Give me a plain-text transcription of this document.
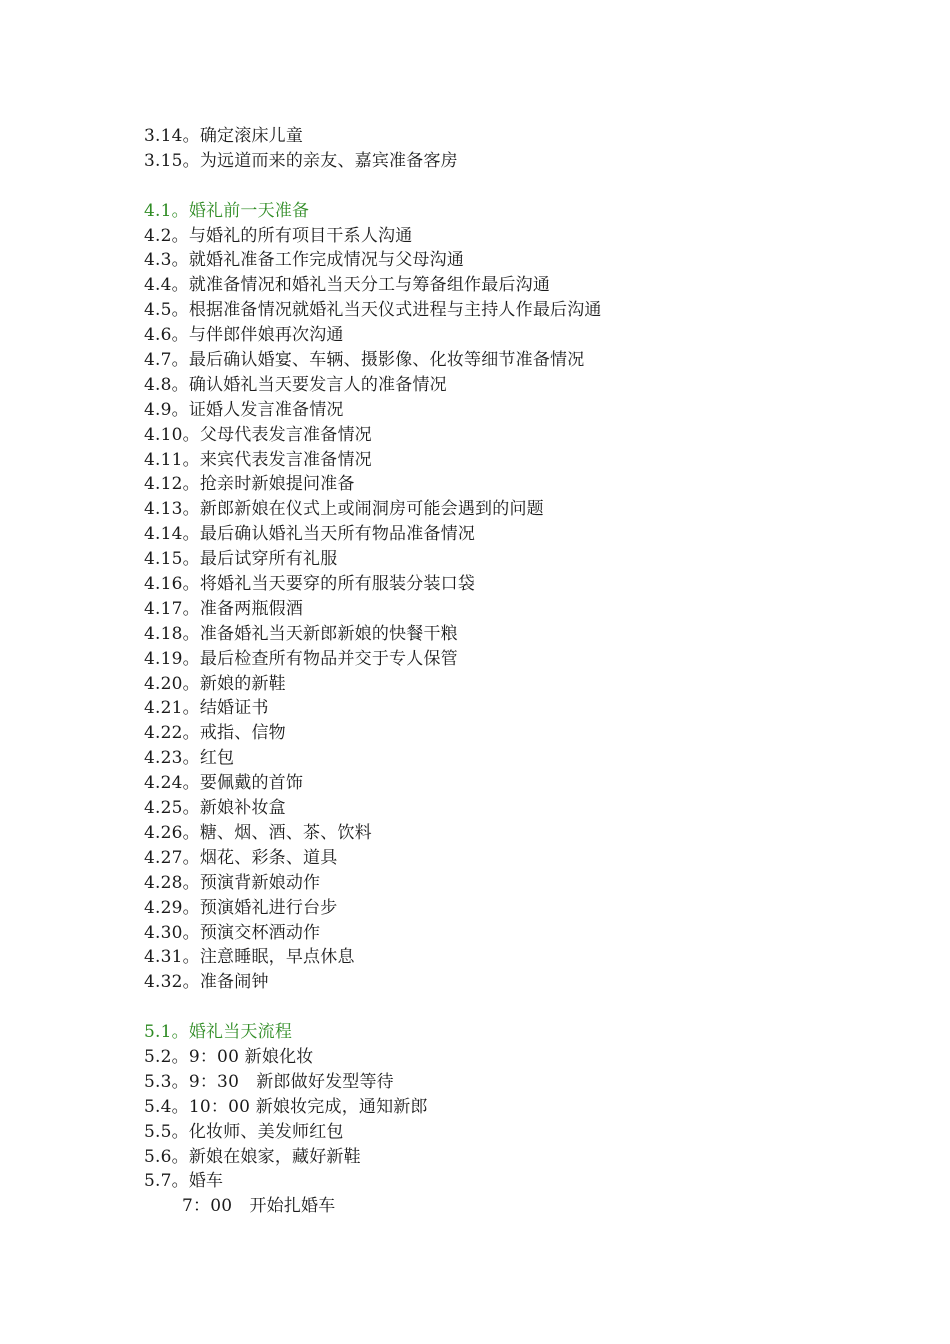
3.14。确定滚床儿童
3.15。为远道而来的亲友、嘉宾准备客房
4.1。婚礼前一天准备
4.2。与婚礼的所有项目干系人沟通
4.3。就婚礼准备工作完成情况与父母沟通
4.4。就准备情况和婚礼当天分工与筹备组作最后沟通
4.5。根据准备情况就婚礼当天仪式进程与主持人作最后沟通
4.6。与伴郎伴娘再次沟通
4.7。最后确认婚宴、车辆、摄影像、化妆等细节准备情况
4.8。确认婚礼当天要发言人的准备情况
4.9。证婚人发言准备情况
4.10。父母代表发言准备情况
4.11。来宾代表发言准备情况
4.12。抢亲时新娘提问准备
4.13。新郎新娘在仪式上或闹洞房可能会遇到的问题
4.14。最后确认婚礼当天所有物品准备情况
4.15。最后试穿所有礼服
4.16。将婚礼当天要穿的所有服装分装口袋
4.17。准备两瓶假酒
4.18。准备婚礼当天新郎新娘的快餐干粮
4.19。最后检查所有物品并交于专人保管
4.20。新娘的新鞋
4.21。结婚证书
4.22。戒指、信物
4.23。红包
4.24。要佩戴的首饰
4.25。新娘补妆盒
4.26。糖、烟、酒、茶、饮料
4.27。烟花、彩条、道具
4.28。预演背新娘动作
4.29。预演婚礼进行台步
4.30。预演交杯酒动作
4.31。注意睡眠，早点休息
4.32。准备闹钟
5.1。婚礼当天流程
5.2。9：00 新娘化妆
5.3。9：30　新郎做好发型等待
5.4。10：00 新娘妆完成，通知新郎
5.5。化妆师、美发师红包
5.6。新娘在娘家，藏好新鞋
5.7。婚车
7：00　开始扎婚车
